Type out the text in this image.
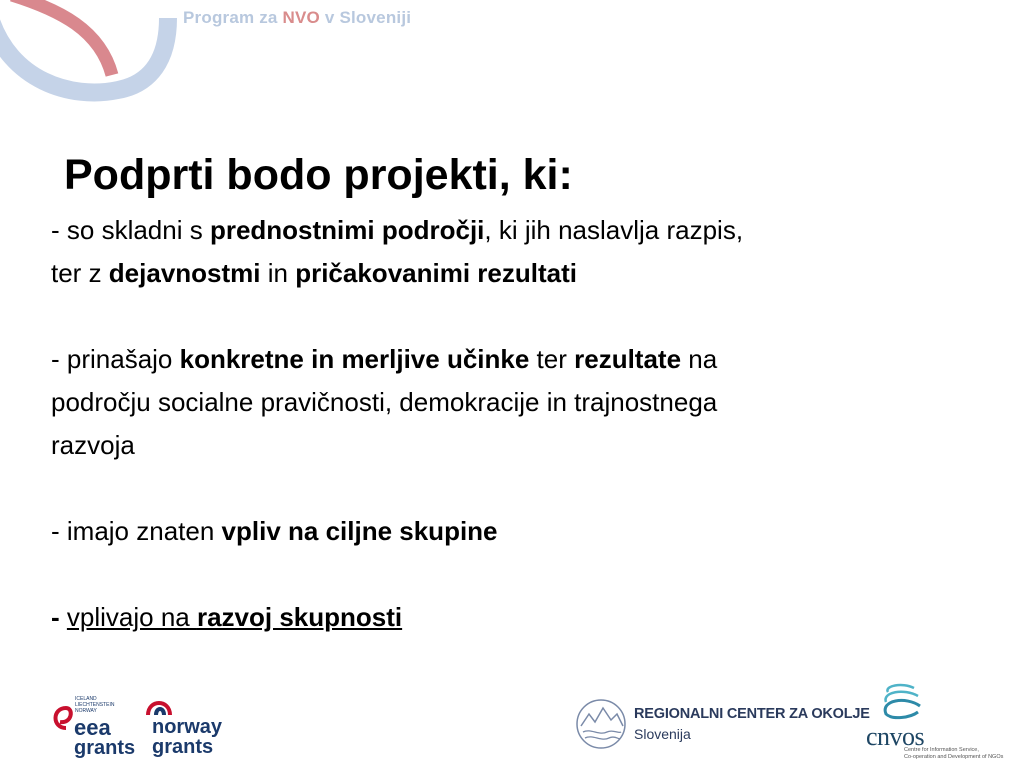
Program za NVO v Sloveniji
Podprti bodo projekti, ki:

- so skladni s prednostnimi področji, ki jih naslavlja razpis,

ter z dejavnostmi in pričakovanimi rezultati

- prinašajo konkretne in merljive učinke ter rezultate na

področju socialne pravičnosti, demokracije in trajnostnega

razvoja

- imajo znaten vpliv na ciljne skupine

- vplivajo na razvoj skupnosti

ICELAND
LIECHTENSTEIN
NORWAY
eea
grants
norway
grants
REGIONALNI CENTER ZA OKOLJE
Slovenija	cnvos
Centre for Information Service,
Co-operation and Development of NGOs
